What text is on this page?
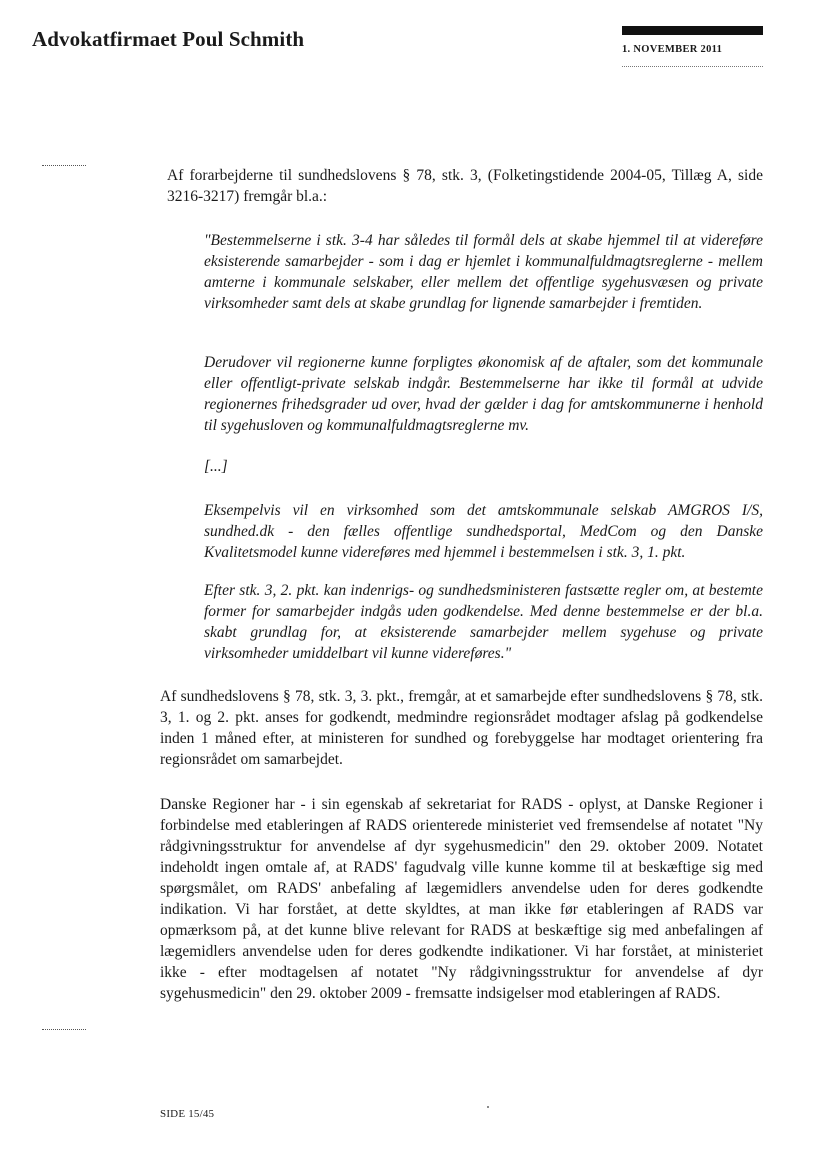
Advokatfirmaet Poul Schmith	1. NOVEMBER 2011

Af forarbejderne til sundhedslovens § 78, stk. 3, (Folketingstidende 2004-05, Tillæg A, side 3216-3217) fremgår bl.a.:

"Bestemmelserne i stk. 3-4 har således til formål dels at skabe hjemmel til at videreføre eksisterende samarbejder - som i dag er hjemlet i kommunalfuldmagtsreglerne - mellem amterne i kommunale selskaber, eller mellem det offentlige sygehusvæsen og private virksomheder samt dels at skabe grundlag for lignende samarbejder i fremtiden.

Derudover vil regionerne kunne forpligtes økonomisk af de aftaler, som det kommunale eller offentligt-private selskab indgår. Bestemmelserne har ikke til formål at udvide regionernes frihedsgrader ud over, hvad der gælder i dag for amtskommunerne i henhold til sygehusloven og kommunalfuldmagtsreglerne mv.

[...]

Eksempelvis vil en virksomhed som det amtskommunale selskab AMGROS I/S, sundhed.dk - den fælles offentlige sundhedsportal, MedCom og den Danske Kvalitetsmodel kunne videreføres med hjemmel i bestemmelsen i stk. 3, 1. pkt.

Efter stk. 3, 2. pkt. kan indenrigs- og sundhedsministeren fastsætte regler om, at bestemte former for samarbejder indgås uden godkendelse. Med denne bestemmelse er der bl.a. skabt grundlag for, at eksisterende samarbejder mellem sygehuse og private virksomheder umiddelbart vil kunne videreføres."

Af sundhedslovens § 78, stk. 3, 3. pkt., fremgår, at et samarbejde efter sundhedslovens § 78, stk. 3, 1. og 2. pkt. anses for godkendt, medmindre regionsrådet modtager afslag på godkendelse inden 1 måned efter, at ministeren for sundhed og forebyggelse har modtaget orientering fra regionsrådet om samarbejdet.

Danske Regioner har - i sin egenskab af sekretariat for RADS - oplyst, at Danske Regioner i forbindelse med etableringen af RADS orienterede ministeriet ved fremsendelse af notatet "Ny rådgivningsstruktur for anvendelse af dyr sygehusmedicin" den 29. oktober 2009. Notatet indeholdt ingen omtale af, at RADS' fagudvalg ville kunne komme til at beskæftige sig med spørgsmålet, om RADS' anbefaling af lægemidlers anvendelse uden for deres godkendte indikation. Vi har forstået, at dette skyldtes, at man ikke før etableringen af RADS var opmærksom på, at det kunne blive relevant for RADS at beskæftige sig med anbefalingen af lægemidlers anvendelse uden for deres godkendte indikationer. Vi har forstået, at ministeriet ikke - efter modtagelsen af notatet "Ny rådgivningsstruktur for anvendelse af dyr sygehusmedicin" den 29. oktober 2009 - fremsatte indsigelser mod etableringen af RADS.

SIDE 15/45
